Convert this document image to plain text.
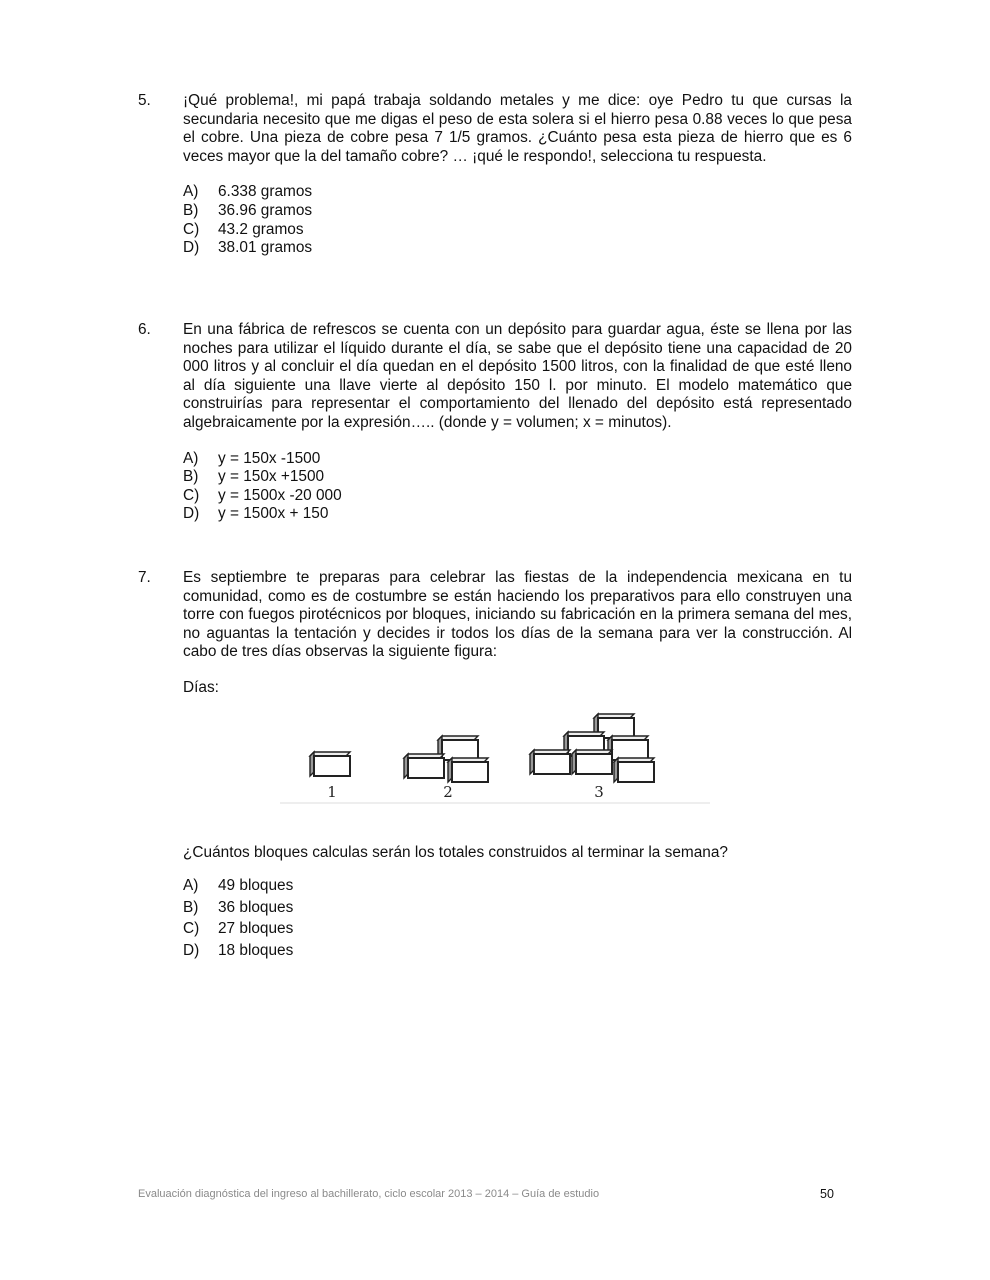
5. ¡Qué problema!, mi papá trabaja soldando metales y me dice: oye Pedro tu que cursas la secundaria necesito que me digas el peso de esta solera si el hierro pesa 0.88 veces lo que pesa el cobre. Una pieza de cobre pesa 7 1/5 gramos. ¿Cuánto pesa esta pieza de hierro que es 6 veces mayor que la del tamaño cobre? … ¡qué le respondo!, selecciona tu respuesta.
A)	6.338 gramos
B)	36.96 gramos
C)	43.2 gramos
D)	38.01 gramos
6. En una fábrica de refrescos se cuenta con un depósito para guardar agua, éste se llena por las noches para utilizar el líquido durante el día, se sabe que el depósito tiene una capacidad de 20 000 litros y al concluir el día quedan en el depósito 1500 litros, con la finalidad de que esté lleno al día siguiente una llave vierte al depósito 150 l. por minuto. El modelo matemático que construirías para representar el comportamiento del llenado del depósito está representado algebraicamente por la expresión….. (donde y = volumen; x = minutos).
A)	y = 150x -1500
B)	y = 150x +1500
C)	y = 1500x -20 000
D)	y = 1500x + 150
7. Es septiembre te preparas para celebrar las fiestas de la independencia mexicana en tu comunidad, como es de costumbre se están haciendo los preparativos para ello construyen una torre con fuegos pirotécnicos por bloques, iniciando su fabricación en la primera semana del mes, no aguantas la tentación y decides ir todos los días de la semana para ver la construcción. Al cabo de tres días observas la siguiente figura:
Días:
1	2	3
¿Cuántos bloques calculas serán los totales construidos al terminar la semana?
A)	49 bloques
B)	36 bloques
C)	27 bloques
D)	18 bloques
Evaluación diagnóstica del ingreso al bachillerato, ciclo escolar 2013 – 2014 – Guía de estudio	50
